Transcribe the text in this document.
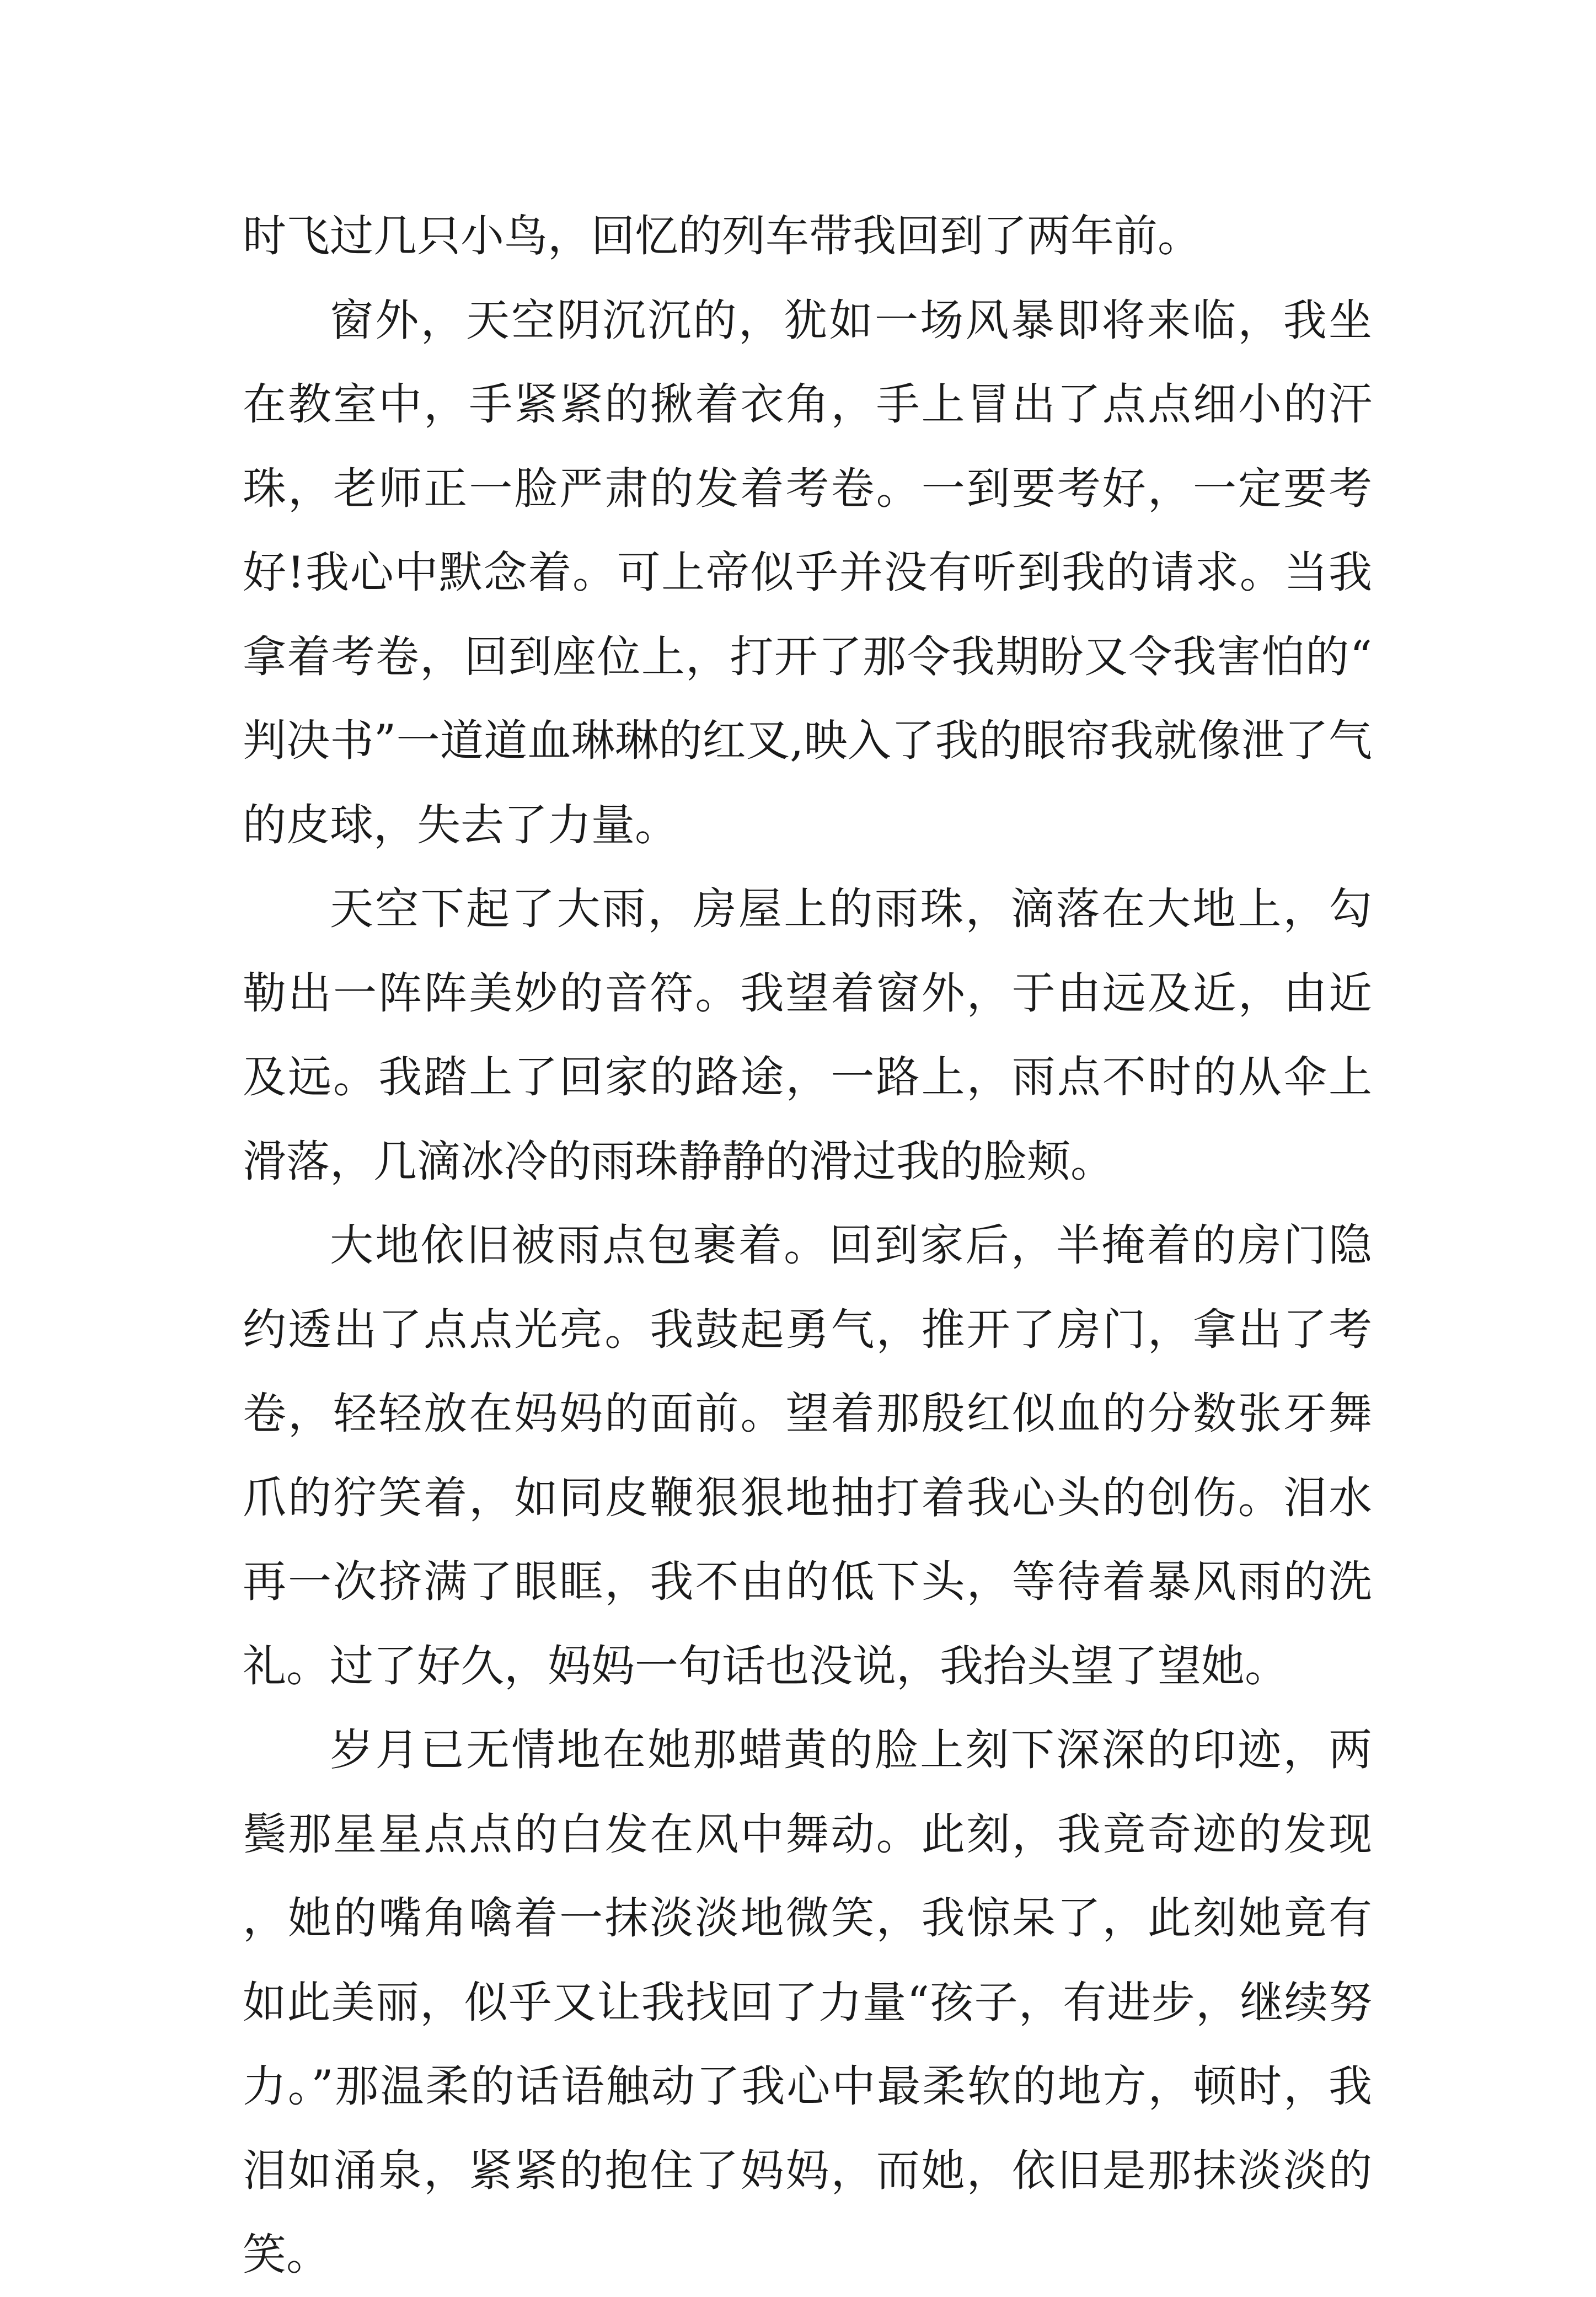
时飞过几只小鸟，回忆的列车带我回到了两年前。

窗外，天空阴沉沉的，犹如一场风暴即将来临，我坐在教室中，手紧紧的揪着衣角，手上冒出了点点细小的汗珠，老师正一脸严肃的发着考卷。一到要考好，一定要考好!我心中默念着。可上帝似乎并没有听到我的请求。当我拿着考卷，回到座位上，打开了那令我期盼又令我害怕的“判决书”一道道血琳琳的红叉,映入了我的眼帘我就像泄了气的皮球，失去了力量。

天空下起了大雨，房屋上的雨珠，滴落在大地上，勾勒出一阵阵美妙的音符。我望着窗外，于由远及近，由近及远。我踏上了回家的路途，一路上，雨点不时的从伞上滑落，几滴冰冷的雨珠静静的滑过我的脸颊。

大地依旧被雨点包裹着。回到家后，半掩着的房门隐约透出了点点光亮。我鼓起勇气，推开了房门，拿出了考卷，轻轻放在妈妈的面前。望着那殷红似血的分数张牙舞爪的狞笑着，如同皮鞭狠狠地抽打着我心头的创伤。泪水再一次挤满了眼眶，我不由的低下头，等待着暴风雨的洗礼。过了好久，妈妈一句话也没说，我抬头望了望她。

岁月已无情地在她那蜡黄的脸上刻下深深的印迹，两鬓那星星点点的白发在风中舞动。此刻，我竟奇迹的发现，她的嘴角噙着一抹淡淡地微笑，我惊呆了，此刻她竟有如此美丽，似乎又让我找回了力量“孩子，有进步，继续努力。”那温柔的话语触动了我心中最柔软的地方，顿时，我泪如涌泉，紧紧的抱住了妈妈，而她，依旧是那抹淡淡的笑。
